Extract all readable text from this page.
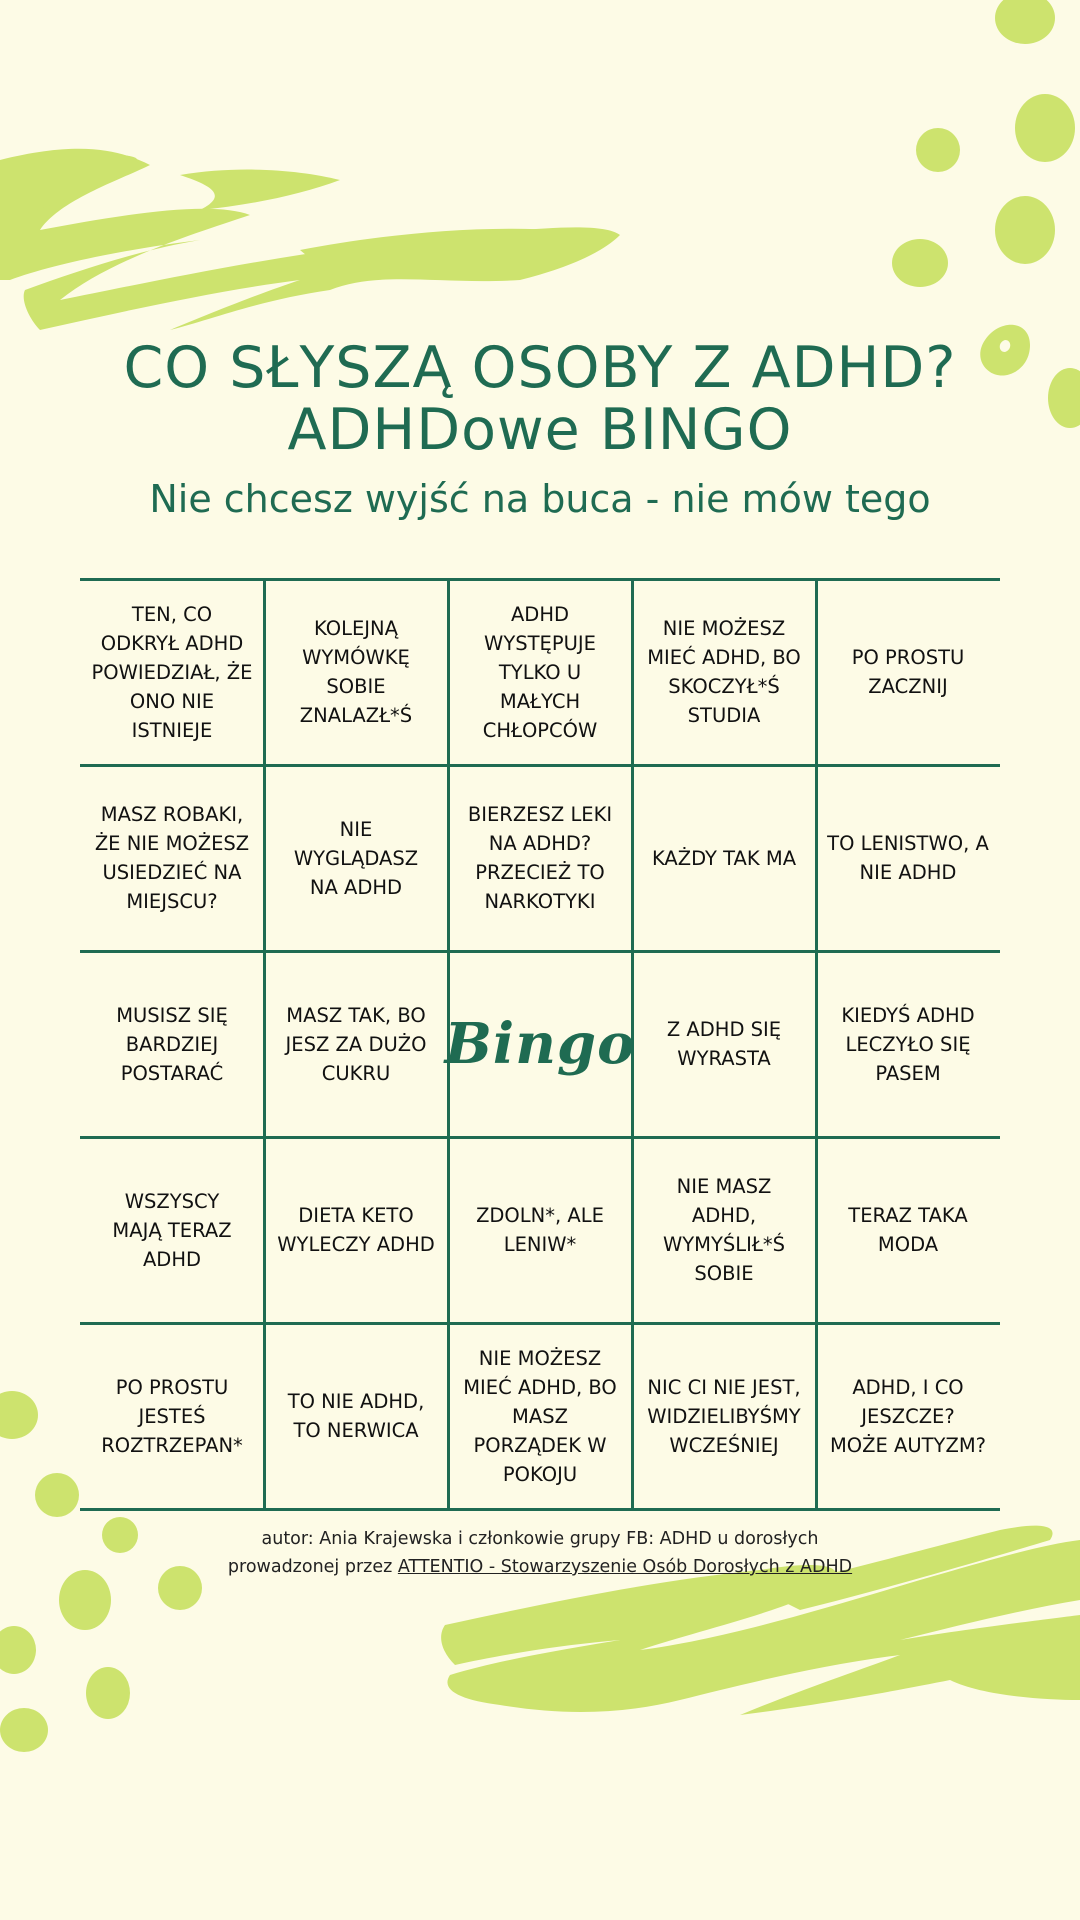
CO SŁYSZĄ OSOBY Z ADHD?
ADHDowe BINGO
Nie chcesz wyjść na buca - nie mów tego
TEN, CO
ODKRYŁ ADHD
POWIEDZIAŁ, ŻE
ONO NIE
ISTNIEJE
KOLEJNĄ
WYMÓWKĘ
SOBIE
ZNALAZŁ*Ś
ADHD
WYSTĘPUJE
TYLKO U
MAŁYCH
CHŁOPCÓW
NIE MOŻESZ
MIEĆ ADHD, BO
SKOCZYŁ*Ś
STUDIA
PO PROSTU
ZACZNIJ
MASZ ROBAKI,
ŻE NIE MOŻESZ
USIEDZIEĆ NA
MIEJSCU?
NIE
WYGLĄDASZ
NA ADHD
BIERZESZ LEKI
NA ADHD?
PRZECIEŻ TO
NARKOTYKI
KAŻDY TAK MA
TO LENISTWO, A
NIE ADHD
MUSISZ SIĘ
BARDZIEJ
POSTARAĆ
MASZ TAK, BO
JESZ ZA DUŻO
CUKRU Bingo Z ADHD SIĘ
WYRASTA
KIEDYŚ ADHD
LECZYŁO SIĘ
PASEM
WSZYSCY
MAJĄ TERAZ
ADHD
DIETA KETO
WYLECZY ADHD
ZDOLN*, ALE
LENIW*
NIE MASZ
ADHD,
WYMYŚLIŁ*Ś
SOBIE
TERAZ TAKA
MODA
PO PROSTU
JESTEŚ
ROZTRZEPAN*
TO NIE ADHD,
TO NERWICA
NIE MOŻESZ
MIEĆ ADHD, BO
MASZ
PORZĄDEK W
POKOJU
NIC CI NIE JEST,
WIDZIELIBYŚMY
WCZEŚNIEJ
ADHD, I CO
JESZCZE?
MOŻE AUTYZM?
autor: Ania Krajewska i członkowie grupy FB: ADHD u dorosłych
prowadzonej przez ATTENTIO - Stowarzyszenie Osób Dorosłych z ADHD
